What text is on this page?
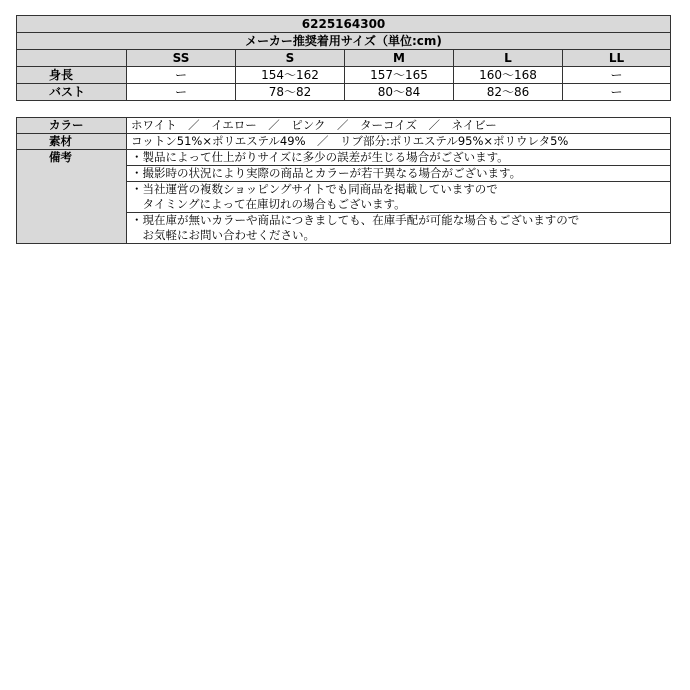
6225164300					
メーカー推奨着用サイズ（単位:cm)					
	SS	S	M	L	LL
身長	ー	154〜162	157〜165	160〜168	ー
バスト	ー	78〜82	80〜84	82〜86	ー
カラー	ホワイト　／　イエロー　／　ピンク　／　ターコイズ　／　ネイビー
素材	コットン51%×ポリエステル49%　／　リブ部分:ポリエステル95%×ポリウレタ5%
備考	・製品によって仕上がりサイズに多少の誤差が生じる場合がございます。

	・撮影時の状況により実際の商品とカラーが若干異なる場合がございます。

	・当社運営の複数ショッピングサイトでも同商品を掲載していますので
　タイミングによって在庫切れの場合もございます。

	・現在庫が無いカラーや商品につきましても、在庫手配が可能な場合もございますので
　お気軽にお問い合わせください。
